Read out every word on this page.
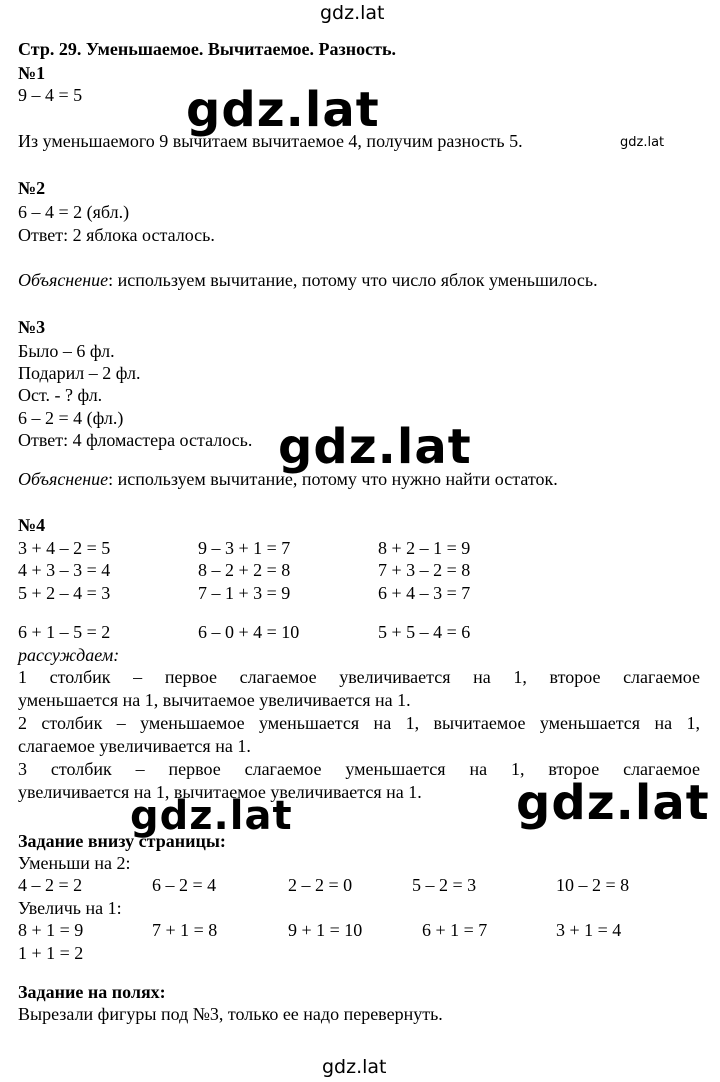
gdz.lat
gdz.lat
gdz.lat
gdz.lat
gdz.lat
gdz.lat
gdz.lat
Стр. 29. Уменьшаемое. Вычитаемое. Разность.
№1
9 – 4 = 5
Из уменьшаемого 9 вычитаем вычитаемое 4, получим разность 5.
№2
6 – 4 = 2 (ябл.)
Ответ: 2 яблока осталось.
Объяснение: используем вычитание, потому что число яблок уменьшилось.
№3
Было – 6 фл.
Подарил – 2 фл.
Ост. - ? фл.
6 – 2 = 4 (фл.)
Ответ: 4 фломастера осталось.
Объяснение: используем вычитание, потому что нужно найти остаток.
№4
3 + 4 – 2 = 5	9 – 3 + 1 = 7	8 + 2 – 1 = 9
4 + 3 – 3 = 4	8 – 2 + 2 = 8	7 + 3 – 2 = 8
5 + 2 – 4 = 3	7 – 1 + 3 = 9	6 + 4 – 3 = 7
6 + 1 – 5 = 2	6 – 0 + 4 = 10	5 + 5 – 4 = 6
рассуждаем:
1 столбик – первое слагаемое увеличивается на 1, второе слагаемое
уменьшается на 1, вычитаемое увеличивается на 1.
2 столбик – уменьшаемое уменьшается на 1, вычитаемое уменьшается на 1,
слагаемое увеличивается на 1.
3 столбик – первое слагаемое уменьшается на 1, второе слагаемое
увеличивается на 1, вычитаемое увеличивается на 1.
Задание внизу страницы:
Уменьши на 2:
4 – 2 = 2	6 – 2 = 4	2 – 2 = 0	5 – 2 = 3	10 – 2 = 8
Увеличь на 1:
8 + 1 = 9	7 + 1 = 8	9 + 1 = 10	6 + 1 = 7	3 + 1 = 4
1 + 1 = 2
Задание на полях:
Вырезали фигуры под №3, только ее надо перевернуть.
